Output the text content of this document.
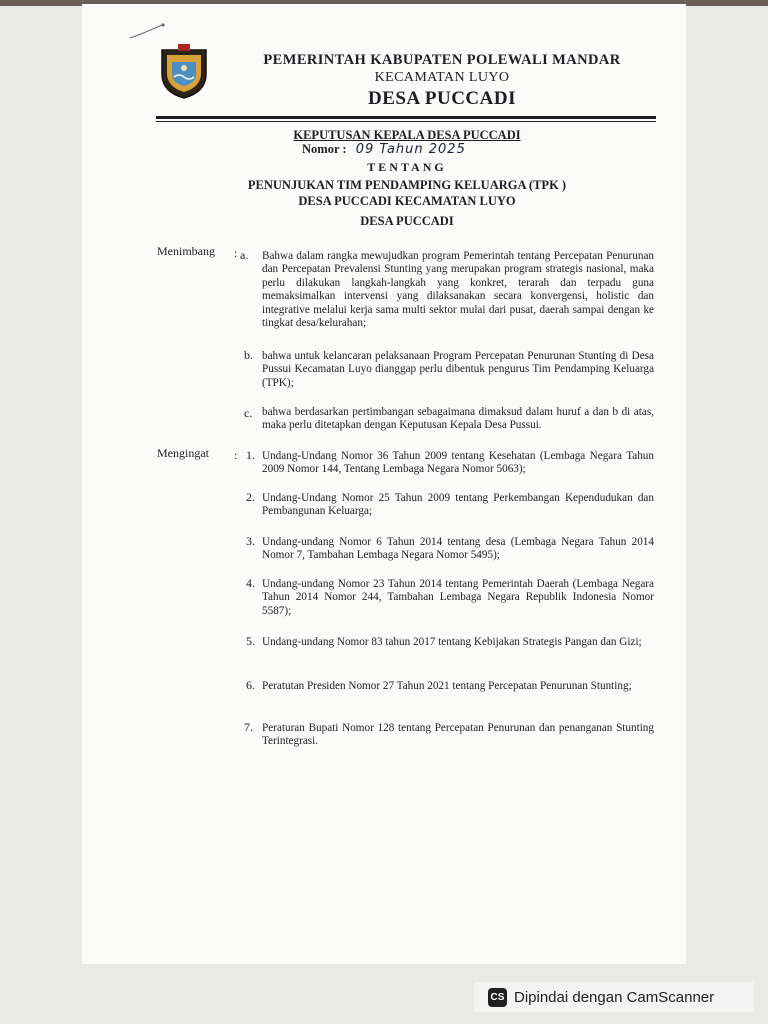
PEMERINTAH KABUPATEN POLEWALI MANDAR
KECAMATAN LUYO
DESA PUCCADI
KEPUTUSAN KEPALA DESA PUCCADI
Nomor : 09 Tahun 2025
TENTANG
PENUNJUKAN TIM PENDAMPING KELUARGA (TPK )
DESA PUCCADI KECAMATAN LUYO
DESA PUCCADI
Menimbang : a.	Bahwa dalam rangka mewujudkan program Pemerintah tentang Percepatan Penurunan dan Percepatan Prevalensi Stunting yang merupakan program strategis nasional, maka perlu dilakukan langkah-langkah yang konkret, terarah dan terpadu guna memaksimalkan intervensi yang dilaksanakan secara konvergensi, holistic dan integrative melalui kerja sama multi sektor mulai dari pusat, daerah sampai dengan ke tingkat desa/kelurahan;

b. bahwa untuk kelancaran pelaksanaan Program Percepatan Penurunan Stunting di Desa Pussui Kecamatan Luyo dianggap perlu dibentuk pengurus Tim Pendamping Keluarga (TPK);

c. bahwa berdasarkan pertimbangan sebagaimana dimaksud dalam huruf a dan b di atas, maka perlu ditetapkan dengan Keputusan Kepala Desa Pussui.

Mengingat : 1. Undang-Undang Nomor 36 Tahun 2009 tentang Kesehatan (Lembaga Negara Tahun 2009 Nomor 144, Tentang Lembaga Negara Nomor 5063);

2. Undang-Undang Nomor 25 Tahun 2009 tentang Perkembangan Kependudukan dan Pembangunan Keluarga;

3. Undang-undang Nomor 6 Tahun 2014 tentang desa (Lembaga Negara Tahun 2014 Nomor 7, Tambahan Lembaga Negara Nomor 5495);

4. Undang-undang Nomor 23 Tahun 2014 tentang Pemerintah Daerah (Lembaga Negara Tahun 2014 Nomor 244, Tambahan Lembaga Negara Republik Indonesia Nomor 5587);

5. Undang-undang Nomor 83 tahun 2017 tentang Kebijakan Strategis Pangan dan Gizi;

6. Peratutan Presiden Nomor 27 Tahun 2021 tentang Percepatan Penurunan Stunting;

7. Peraturan Bupati Nomor 128 tentang Percepatan Penurunan dan penanganan Stunting Terintegrasi.

CS Dipindai dengan CamScanner
